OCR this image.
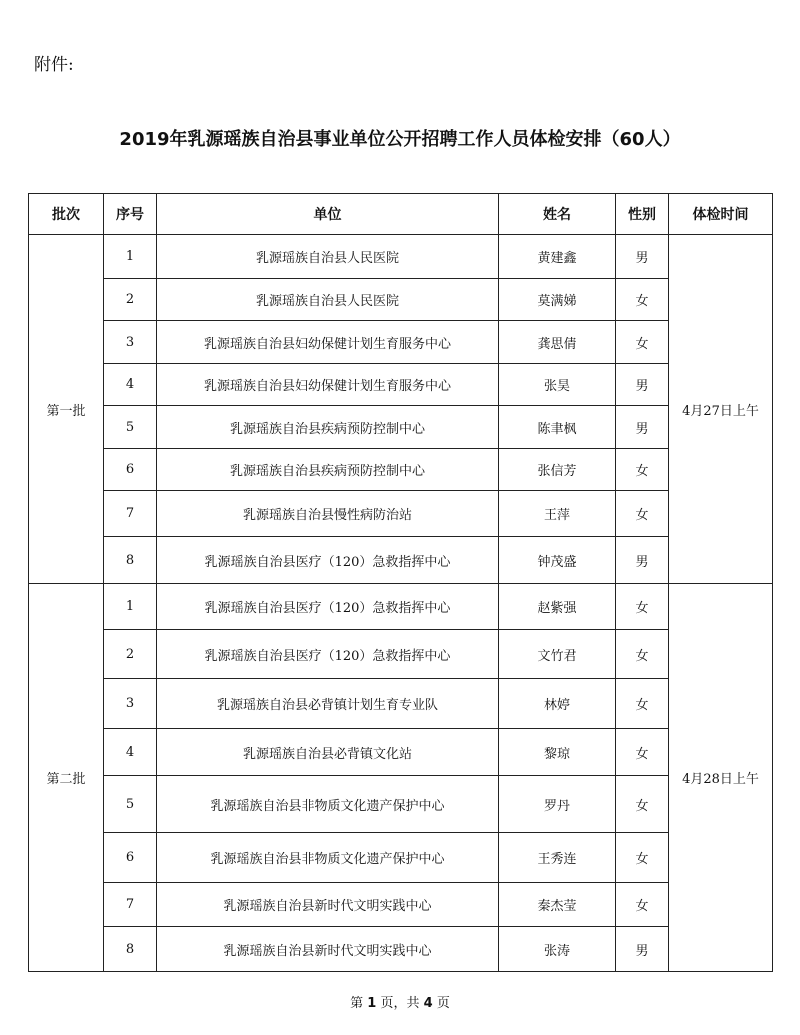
附件:
2019年乳源瑶族自治县事业单位公开招聘工作人员体检安排（60人）
批次	序号	单位	姓名	性别	体检时间
第一批	1	乳源瑶族自治县人民医院	黄建鑫	男	4月27日上午
	2	乳源瑶族自治县人民医院	莫满娣	女	
	3	乳源瑶族自治县妇幼保健计划生育服务中心	龚思倩	女	
	4	乳源瑶族自治县妇幼保健计划生育服务中心	张昊	男	
	5	乳源瑶族自治县疾病预防控制中心	陈聿枫	男	
	6	乳源瑶族自治县疾病预防控制中心	张信芳	女	
	7	乳源瑶族自治县慢性病防治站	王萍	女	
	8	乳源瑶族自治县医疗（120）急救指挥中心	钟茂盛	男	
第二批	1	乳源瑶族自治县医疗（120）急救指挥中心	赵紫强	女	4月28日上午
	2	乳源瑶族自治县医疗（120）急救指挥中心	文竹君	女	
	3	乳源瑶族自治县必背镇计划生育专业队	林婷	女	
	4	乳源瑶族自治县必背镇文化站	黎琼	女	
	5	乳源瑶族自治县非物质文化遗产保护中心	罗丹	女	
	6	乳源瑶族自治县非物质文化遗产保护中心	王秀连	女	
	7	乳源瑶族自治县新时代文明实践中心	秦杰莹	女	
	8	乳源瑶族自治县新时代文明实践中心	张涛	男	
第 1 页，共 4 页
